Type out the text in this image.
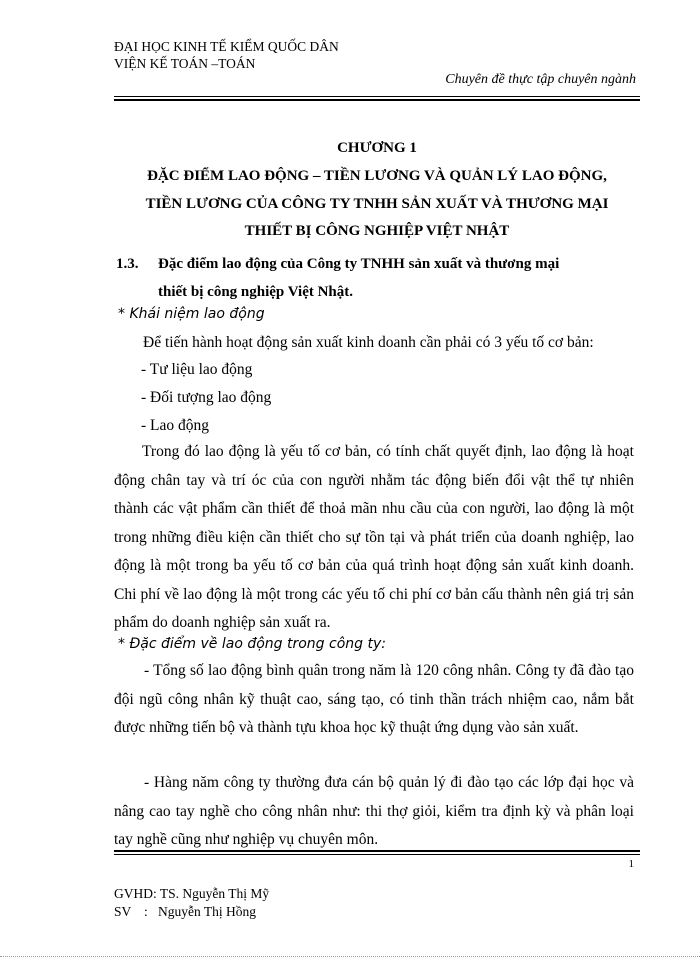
ĐẠI HỌC KINH TẾ KIỂM QUỐC DÂN
VIỆN KẾ TOÁN –TOÁN
Chuyên đề thực tập chuyên ngành
CHƯƠNG 1
ĐẶC ĐIỂM LAO ĐỘNG – TIỀN LƯƠNG VÀ QUẢN LÝ LAO ĐỘNG,
TIỀN LƯƠNG CỦA CÔNG TY TNHH SẢN XUẤT VÀ THƯƠNG MẠI
THIẾT BỊ CÔNG NGHIỆP VIỆT NHẬT
1.3. Đặc điểm lao động của Công ty TNHH sản xuất và thương mại
thiết bị công nghiệp Việt Nhật.
* Khái niệm lao động
Để tiến hành hoạt động sản xuất kinh doanh cần phải có 3 yếu tố cơ bản:
- Tư liệu lao động
- Đối tượng lao động
- Lao động
Trong đó lao động là yếu tố cơ bản, có tính chất quyết định, lao động là hoạt động chân tay và trí óc của con người nhằm tác động biến đổi vật thể tự nhiên thành các vật phẩm cần thiết để thoả mãn nhu cầu của con người, lao động là một trong những điều kiện cần thiết cho sự tồn tại và phát triển của doanh nghiệp, lao động là một trong ba yếu tố cơ bản của quá trình hoạt động sản xuất kinh doanh. Chi phí về lao động là một trong các yếu tố chi phí cơ bản cấu thành nên giá trị sản phẩm do doanh nghiệp sản xuất ra.
* Đặc điểm về lao động trong công ty:
- Tổng số lao động bình quân trong năm là 120 công nhân. Công ty đã đào tạo đội ngũ công nhân kỹ thuật cao, sáng tạo, có tinh thần trách nhiệm cao, nắm bắt được những tiến bộ và thành tựu khoa học kỹ thuật ứng dụng vào sản xuất.
- Hàng năm công ty thường đưa cán bộ quản lý đi đào tạo các lớp đại học và nâng cao tay nghề cho công nhân như: thi thợ giỏi, kiểm tra định kỳ và phân loại tay nghề cũng như nghiệp vụ chuyên môn.
1
GVHD: TS. Nguyễn Thị Mỹ
SV : Nguyễn Thị Hồng
